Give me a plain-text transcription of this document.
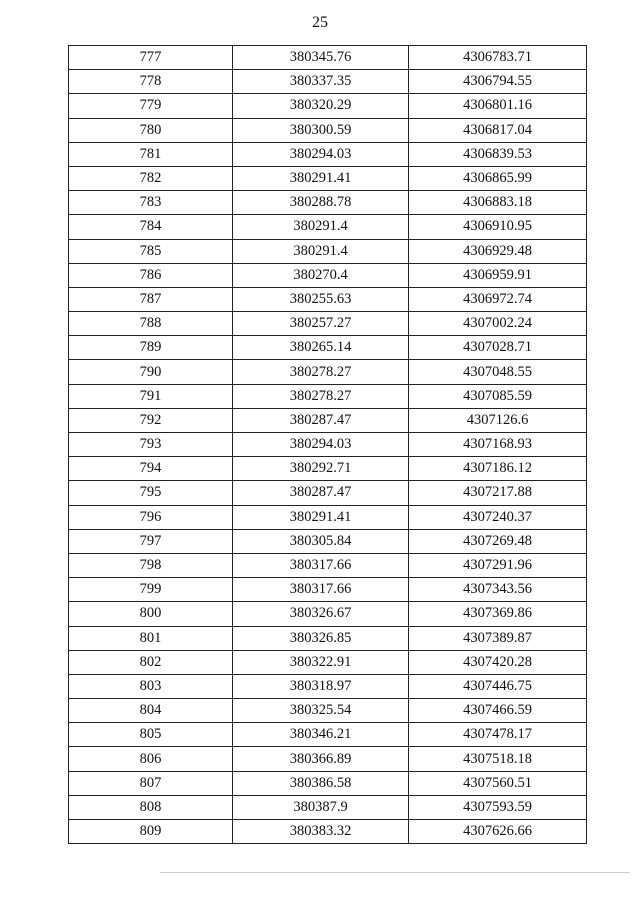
25
777	380345.76	4306783.71
778	380337.35	4306794.55
779	380320.29	4306801.16
780	380300.59	4306817.04
781	380294.03	4306839.53
782	380291.41	4306865.99
783	380288.78	4306883.18
784	380291.4	4306910.95
785	380291.4	4306929.48
786	380270.4	4306959.91
787	380255.63	4306972.74
788	380257.27	4307002.24
789	380265.14	4307028.71
790	380278.27	4307048.55
791	380278.27	4307085.59
792	380287.47	4307126.6
793	380294.03	4307168.93
794	380292.71	4307186.12
795	380287.47	4307217.88
796	380291.41	4307240.37
797	380305.84	4307269.48
798	380317.66	4307291.96
799	380317.66	4307343.56
800	380326.67	4307369.86
801	380326.85	4307389.87
802	380322.91	4307420.28
803	380318.97	4307446.75
804	380325.54	4307466.59
805	380346.21	4307478.17
806	380366.89	4307518.18
807	380386.58	4307560.51
808	380387.9	4307593.59
809	380383.32	4307626.66
